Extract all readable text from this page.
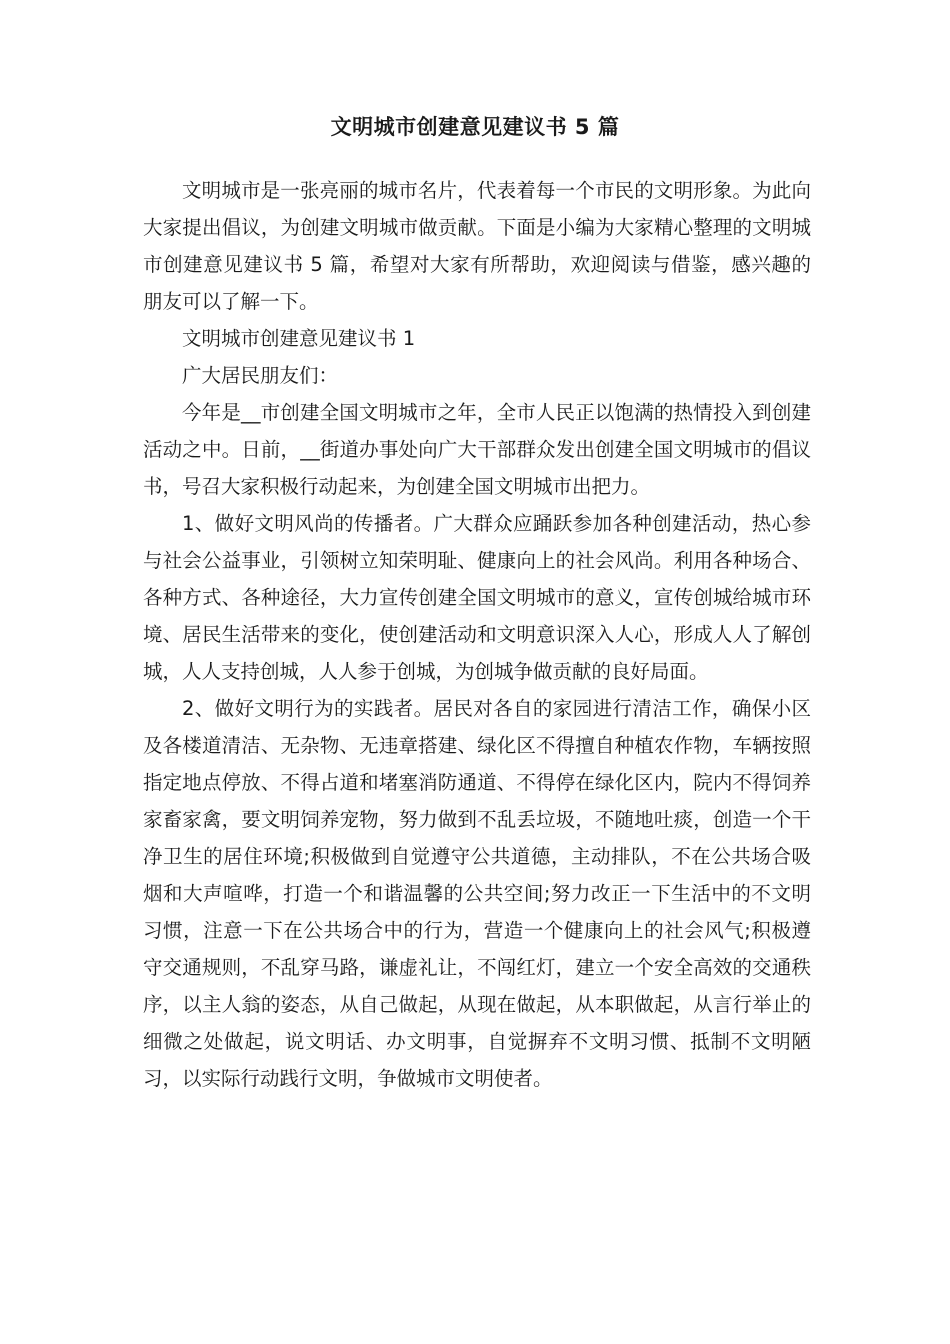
文明城市创建意见建议书 5 篇

文明城市是一张亮丽的城市名片，代表着每一个市民的文明形象。为此向大家提出倡议，为创建文明城市做贡献。下面是小编为大家精心整理的文明城市创建意见建议书 5 篇，希望对大家有所帮助，欢迎阅读与借鉴，感兴趣的朋友可以了解一下。

文明城市创建意见建议书 1

广大居民朋友们：

今年是__市创建全国文明城市之年，全市人民正以饱满的热情投入到创建活动之中。日前，__街道办事处向广大干部群众发出创建全国文明城市的倡议书，号召大家积极行动起来，为创建全国文明城市出把力。

1、做好文明风尚的传播者。广大群众应踊跃参加各种创建活动，热心参与社会公益事业，引领树立知荣明耻、健康向上的社会风尚。利用各种场合、各种方式、各种途径，大力宣传创建全国文明城市的意义，宣传创城给城市环境、居民生活带来的变化，使创建活动和文明意识深入人心，形成人人了解创城，人人支持创城，人人参于创城，为创城争做贡献的良好局面。

2、做好文明行为的实践者。居民对各自的家园进行清洁工作，确保小区及各楼道清洁、无杂物、无违章搭建、绿化区不得擅自种植农作物，车辆按照指定地点停放、不得占道和堵塞消防通道、不得停在绿化区内，院内不得饲养家畜家禽，要文明饲养宠物，努力做到不乱丢垃圾，不随地吐痰，创造一个干净卫生的居住环境;积极做到自觉遵守公共道德，主动排队，不在公共场合吸烟和大声喧哗，打造一个和谐温馨的公共空间;努力改正一下生活中的不文明习惯，注意一下在公共场合中的行为，营造一个健康向上的社会风气;积极遵守交通规则，不乱穿马路，谦虚礼让，不闯红灯，建立一个安全高效的交通秩序，以主人翁的姿态，从自己做起，从现在做起，从本职做起，从言行举止的细微之处做起，说文明话、办文明事，自觉摒弃不文明习惯、抵制不文明陋习，以实际行动践行文明，争做城市文明使者。
